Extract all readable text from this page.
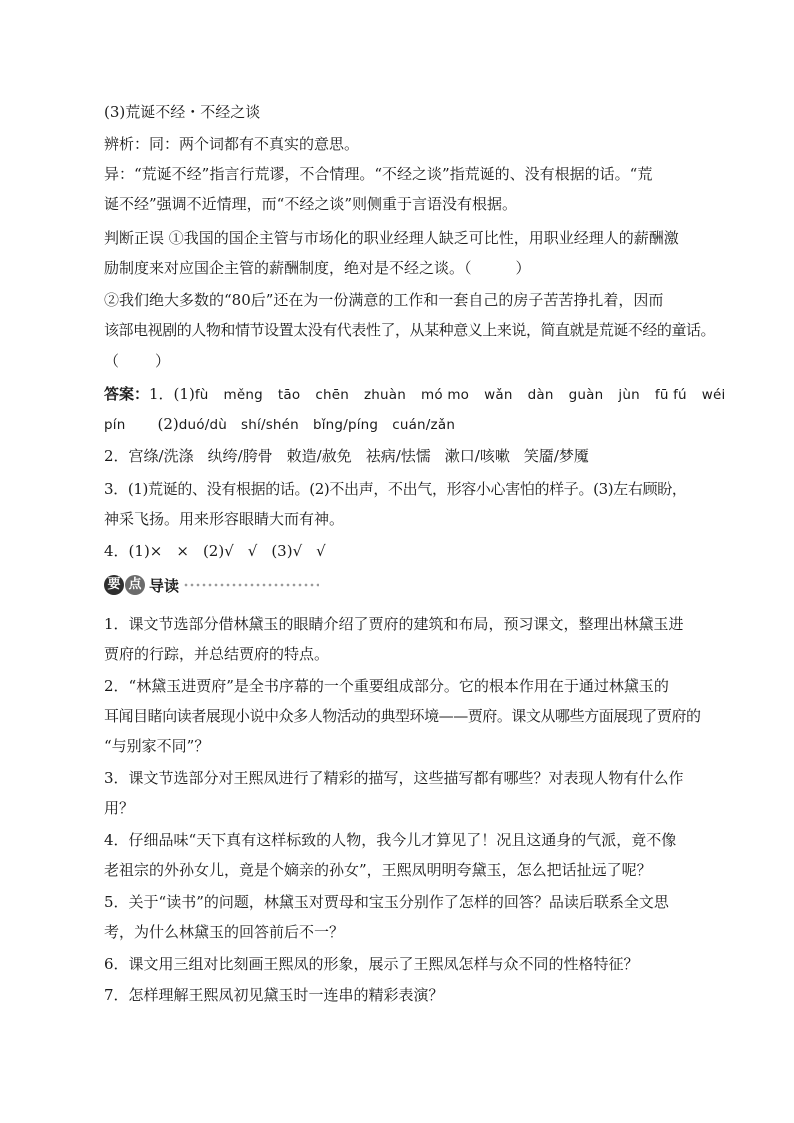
(3)荒诞不经・不经之谈
辨析：同：两个词都有不真实的意思。
异：“荒诞不经”指言行荒谬，不合情理。“不经之谈”指荒诞的、没有根据的话。“荒
诞不经”强调不近情理，而“不经之谈”则侧重于言语没有根据。
判断正误 ①我国的国企主管与市场化的职业经理人缺乏可比性，用职业经理人的薪酬激
励制度来对应国企主管的薪酬制度，绝对是不经之谈。（	）
②我们绝大多数的“80后”还在为一份满意的工作和一套自己的房子苦苦挣扎着，因而
该部电视剧的人物和情节设置太没有代表性了，从某种意义上来说，简直就是荒诞不经的童话。
（ ）
答案：1．(1)fù měng tāo chēn zhuàn mó mo wǎn dàn guàn jùn fū fú wéi
pín (2)duó/dù shí/shén bǐng/píng cuán/zǎn
2．宫绦/洗涤 纨绔/胯骨 敕造/赦免 祛病/怯懦 漱口/咳嗽 笑靥/梦魇
3．(1)荒诞的、没有根据的话。(2)不出声，不出气，形容小心害怕的样子。(3)左右顾盼，
神采飞扬。用来形容眼睛大而有神。
4．(1)× × (2)√ √ (3)√ √
要 点 导读
1．课文节选部分借林黛玉的眼睛介绍了贾府的建筑和布局，预习课文，整理出林黛玉进
贾府的行踪，并总结贾府的特点。
2．“林黛玉进贾府”是全书序幕的一个重要组成部分。它的根本作用在于通过林黛玉的
耳闻目睹向读者展现小说中众多人物活动的典型环境——贾府。课文从哪些方面展现了贾府的
“与别家不同”？
3．课文节选部分对王熙凤进行了精彩的描写，这些描写都有哪些？对表现人物有什么作
用？
4．仔细品味“天下真有这样标致的人物，我今儿才算见了！况且这通身的气派，竟不像
老祖宗的外孙女儿，竟是个嫡亲的孙女”，王熙凤明明夸黛玉，怎么把话扯远了呢？
5．关于“读书”的问题，林黛玉对贾母和宝玉分别作了怎样的回答？品读后联系全文思
考，为什么林黛玉的回答前后不一？
6．课文用三组对比刻画王熙凤的形象，展示了王熙凤怎样与众不同的性格特征？
7．怎样理解王熙凤初见黛玉时一连串的精彩表演？
